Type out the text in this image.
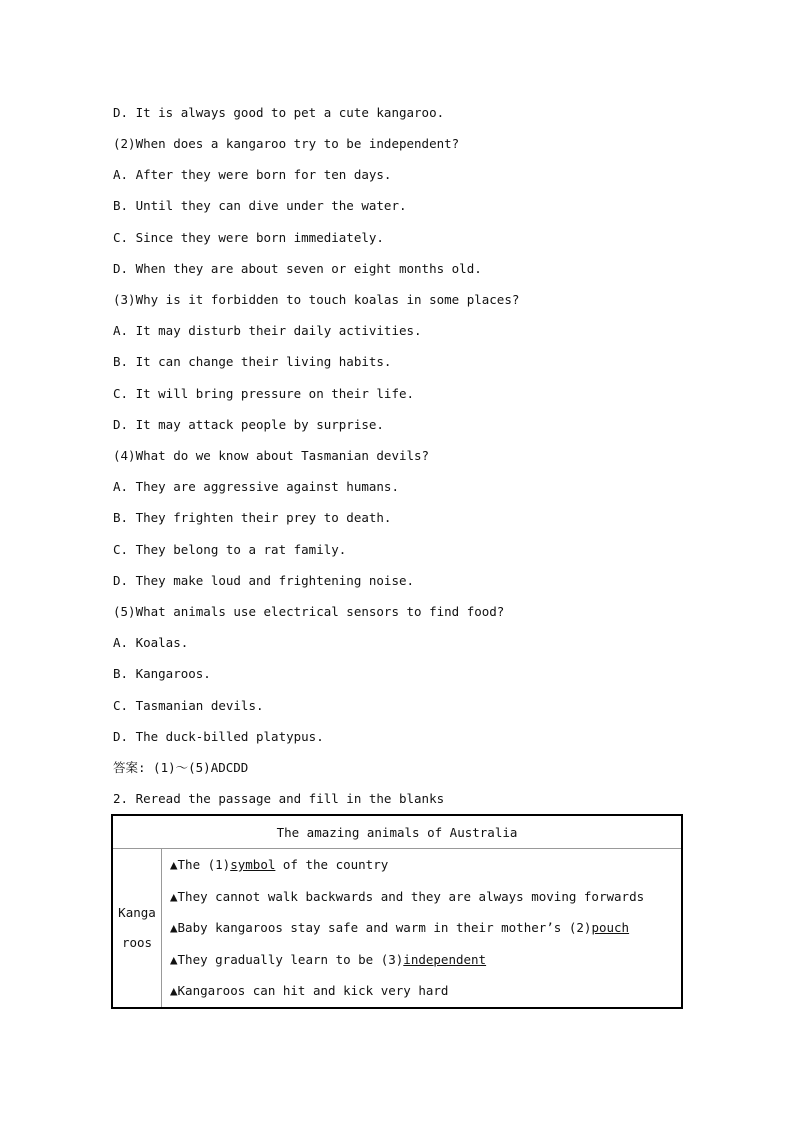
D. It is always good to pet a cute kangaroo.
(2)When does a kangaroo try to be independent?
A. After they were born for ten days.
B. Until they can dive under the water.
C. Since they were born immediately.
D. When they are about seven or eight months old.
(3)Why is it forbidden to touch koalas in some places?
A. It may disturb their daily activities.
B. It can change their living habits.
C. It will bring pressure on their life.
D. It may attack people by surprise.
(4)What do we know about Tasmanian devils?
A. They are aggressive against humans.
B. They frighten their prey to death.
C. They belong to a rat family.
D. They make loud and frightening noise.
(5)What animals use electrical sensors to find food?
A. Koalas.
B. Kangaroos.
C. Tasmanian devils.
D. The duck-billed platypus.
答案: (1)～(5)ADCDD
2. Reread the passage and fill in the blanks
The amazing animals of Australia
Kangaroos	
▲The (1)symbol of the country
▲They cannot walk backwards and they are always moving forwards
▲Baby kangaroos stay safe and warm in their mother’s (2)pouch
▲They gradually learn to be (3)independent
▲Kangaroos can hit and kick very hard
